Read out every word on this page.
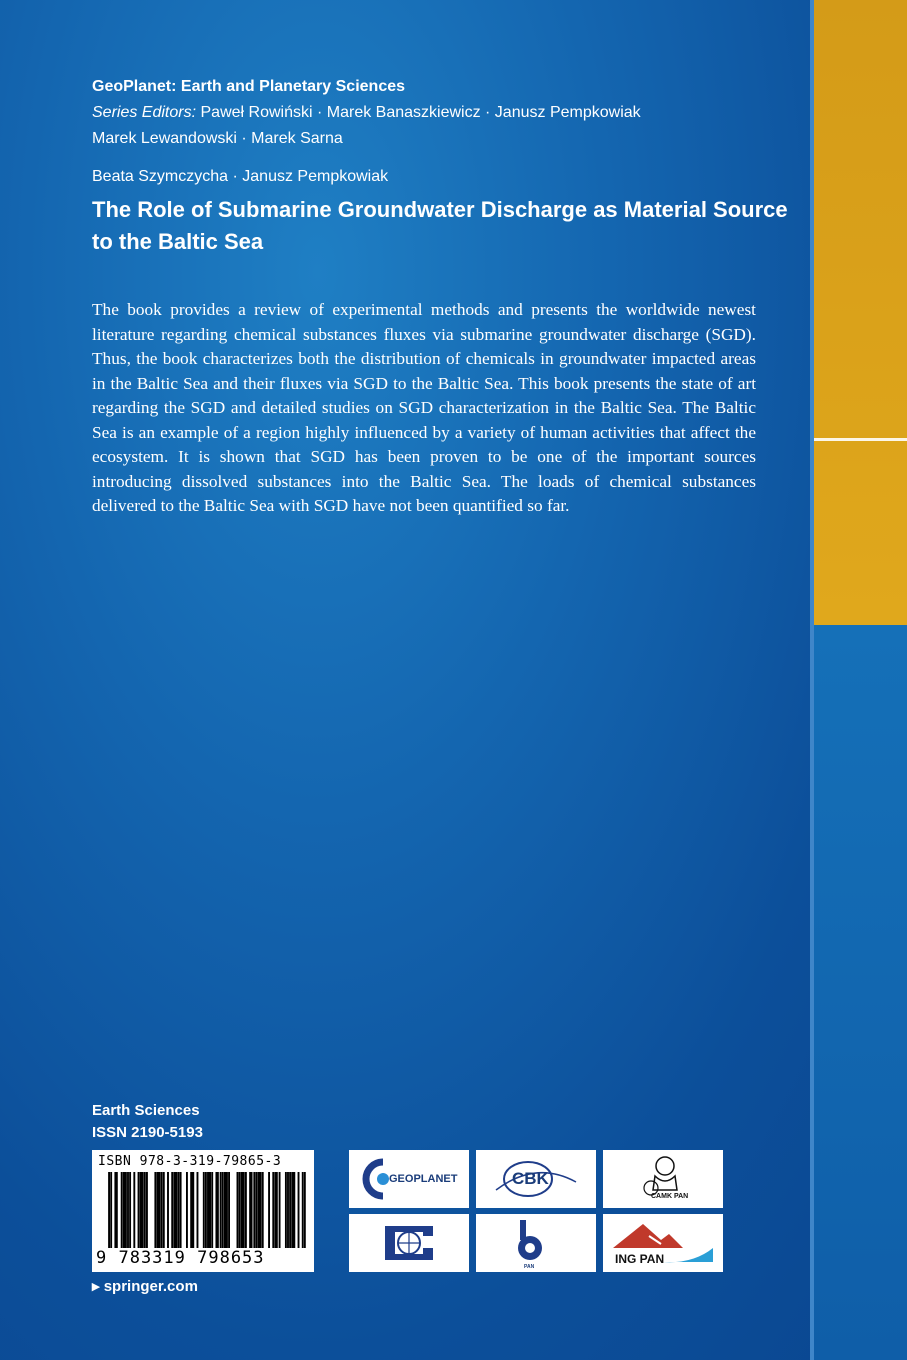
GeoPlanet: Earth and Planetary Sciences

Series Editors: Paweł Rowiński · Marek Banaszkiewicz · Janusz Pempkowiak
Marek Lewandowski · Marek Sarna

Beata Szymczycha · Janusz Pempkowiak
The Role of Submarine Groundwater Discharge as Material Source to the Baltic Sea

The book provides a review of experimental methods and presents the worldwide newest literature regarding chemical substances fluxes via submarine groundwater discharge (SGD). Thus, the book characterizes both the distribution of chemicals in groundwater impacted areas in the Baltic Sea and their fluxes via SGD to the Baltic Sea. This book presents the state of art regarding the SGD and detailed studies on SGD characterization in the Baltic Sea. The Baltic Sea is an example of a region highly influenced by a variety of human activities that affect the ecosystem. It is shown that SGD has been proven to be one of the important sources introducing dissolved substances into the Baltic Sea. The loads of chemical substances delivered to the Baltic Sea with SGD have not been quantified so far.

Earth Sciences
ISSN 2190-5193
ISBN 978-3-319-79865-3
9 783319 798653
▸ springer.com
GEOPLANET	CBK
CAMK PAN
PAN
ING PAN
